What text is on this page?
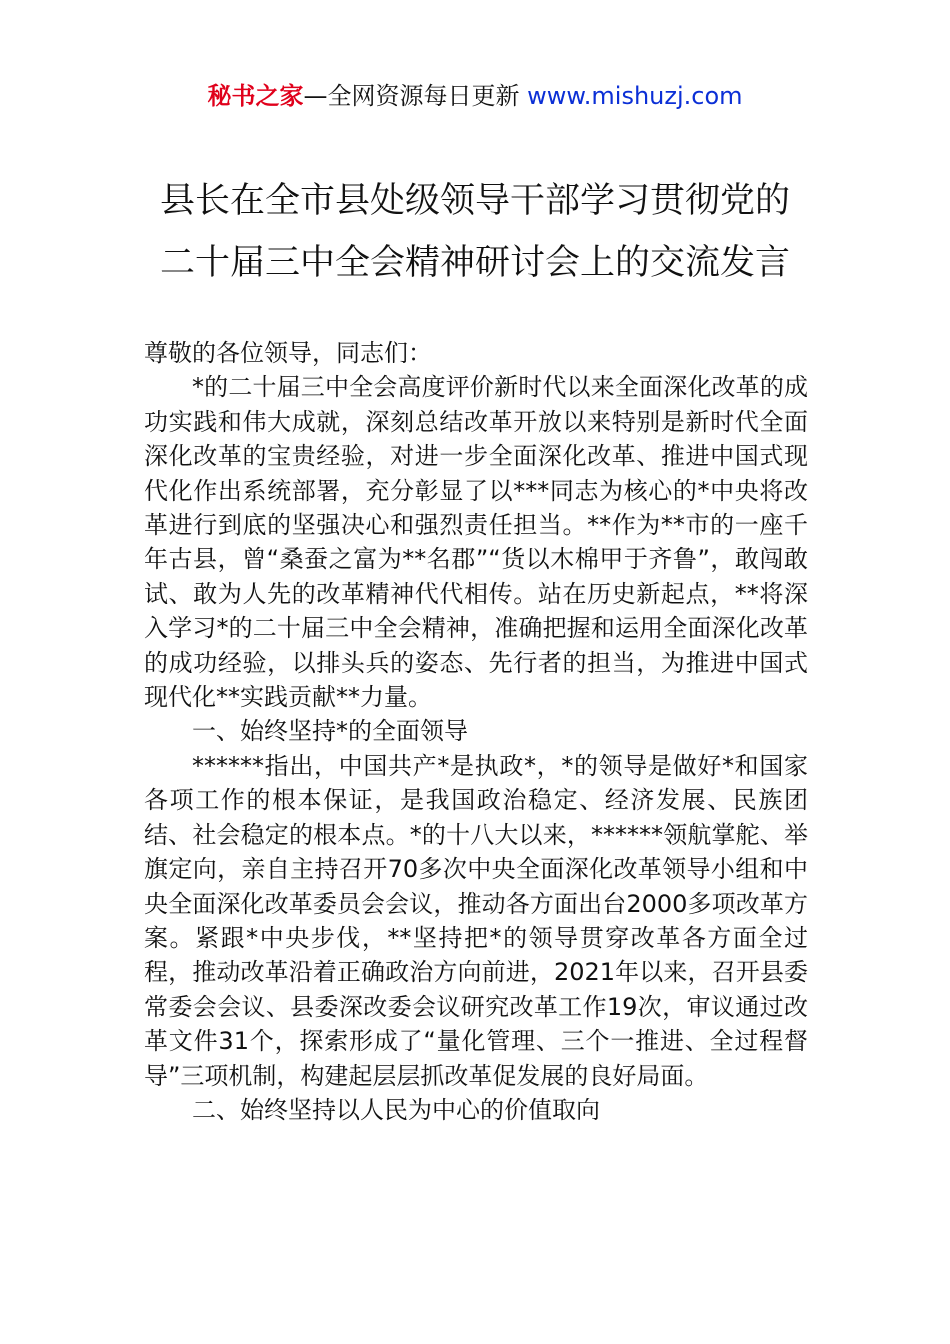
秘书之家—全网资源每日更新 www.mishuzj.com
县长在全市县处级领导干部学习贯彻党的
二十届三中全会精神研讨会上的交流发言

尊敬的各位领导，同志们：

*的二十届三中全会高度评价新时代以来全面深化改革的成功实践和伟大成就，深刻总结改革开放以来特别是新时代全面深化改革的宝贵经验，对进一步全面深化改革、推进中国式现代化作出系统部署，充分彰显了以***同志为核心的*中央将改革进行到底的坚强决心和强烈责任担当。**作为**市的一座千年古县，曾“桑蚕之富为**名郡”“货以木棉甲于齐鲁”，敢闯敢试、敢为人先的改革精神代代相传。站在历史新起点，**将深入学习*的二十届三中全会精神，准确把握和运用全面深化改革的成功经验，以排头兵的姿态、先行者的担当，为推进中国式现代化**实践贡献**力量。

一、始终坚持*的全面领导

******指出，中国共产*是执政*，*的领导是做好*和国家各项工作的根本保证，是我国政治稳定、经济发展、民族团结、社会稳定的根本点。*的十八大以来，******领航掌舵、举旗定向，亲自主持召开70多次中央全面深化改革领导小组和中央全面深化改革委员会会议，推动各方面出台2000多项改革方案。紧跟*中央步伐，**坚持把*的领导贯穿改革各方面全过程，推动改革沿着正确政治方向前进，2021年以来，召开县委常委会会议、县委深改委会议研究改革工作19次，审议通过改革文件31个，探索形成了“量化管理、三个一推进、全过程督导”三项机制，构建起层层抓改革促发展的良好局面。

二、始终坚持以人民为中心的价值取向
